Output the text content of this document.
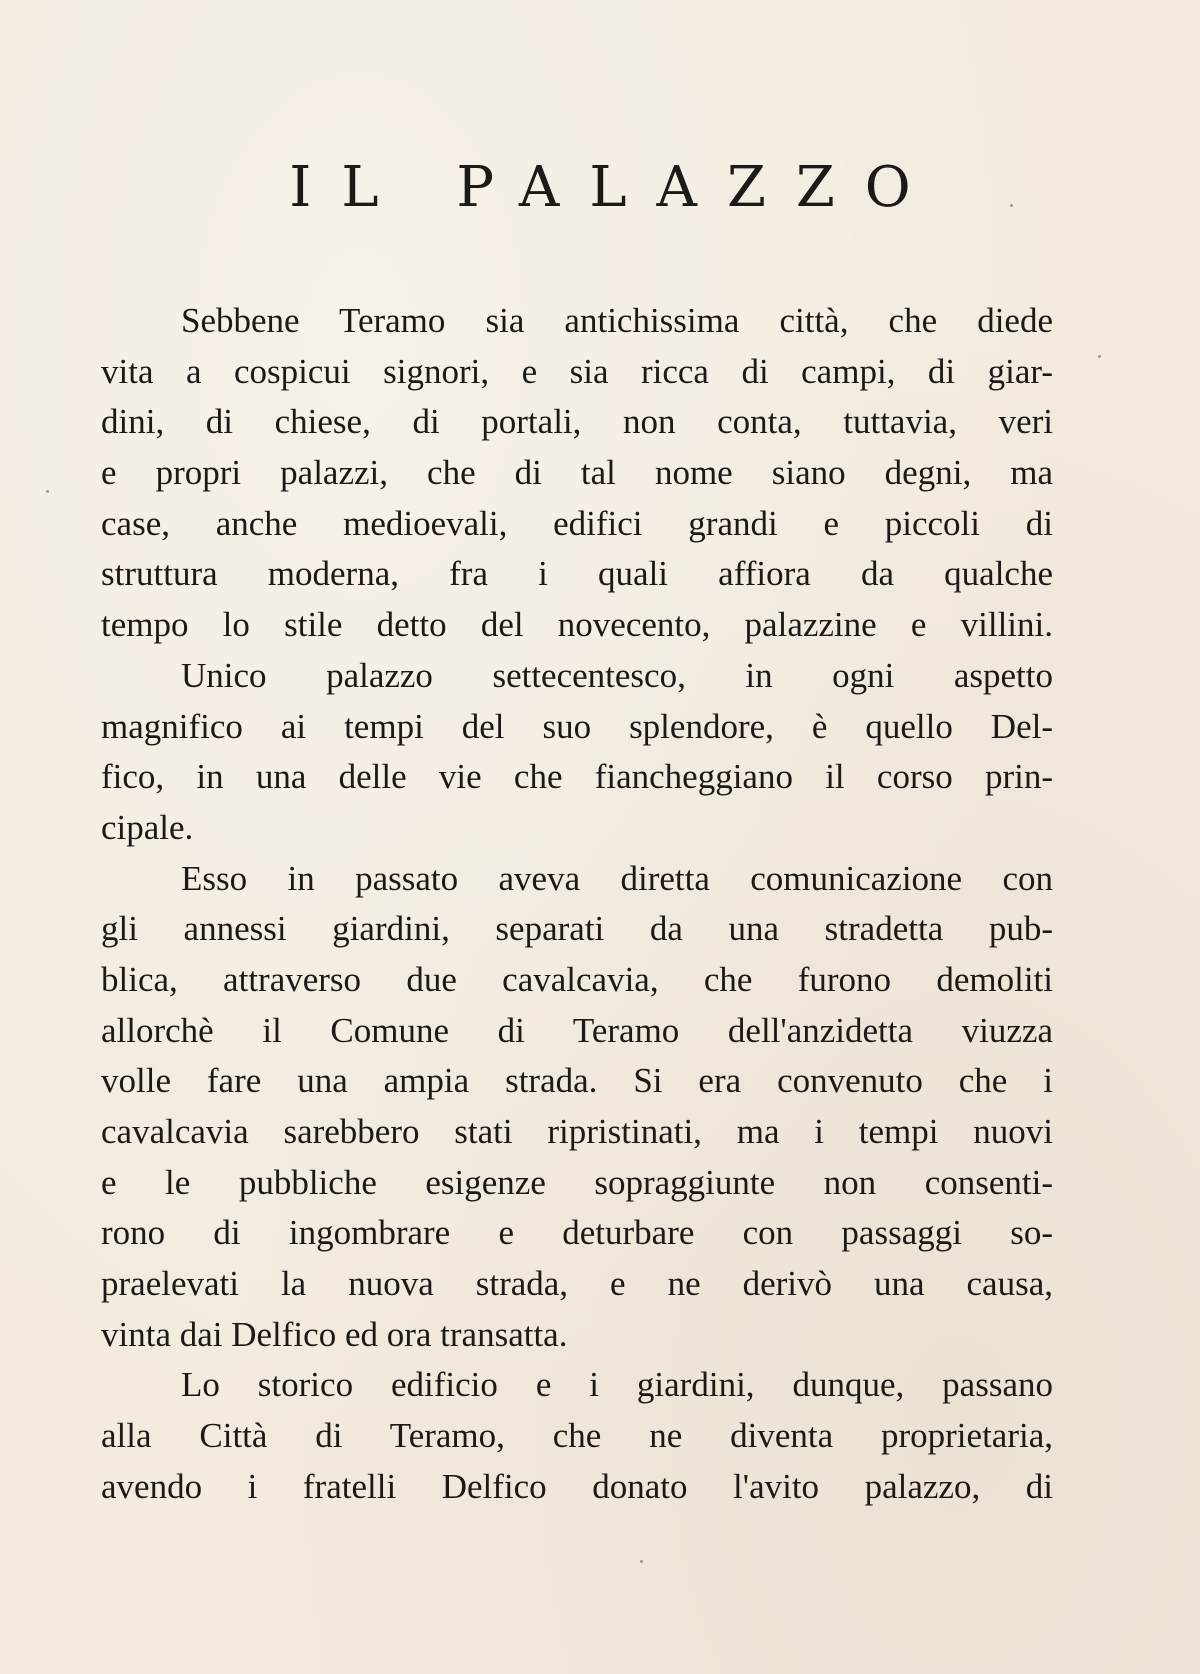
IL PALAZZO
Sebbene Teramo sia antichissima città, che diede
vita a cospicui signori, e sia ricca di campi, di giar-
dini, di chiese, di portali, non conta, tuttavia, veri
e propri palazzi, che di tal nome siano degni, ma
case, anche medioevali, edifici grandi e piccoli di
struttura moderna, fra i quali affiora da qualche
tempo lo stile detto del novecento, palazzine e villini.
Unico palazzo settecentesco, in ogni aspetto
magnifico ai tempi del suo splendore, è quello Del-
fico, in una delle vie che fiancheggiano il corso prin-
cipale.
Esso in passato aveva diretta comunicazione con
gli annessi giardini, separati da una stradetta pub-
blica, attraverso due cavalcavia, che furono demoliti
allorchè il Comune di Teramo dell'anzidetta viuzza
volle fare una ampia strada. Si era convenuto che i
cavalcavia sarebbero stati ripristinati, ma i tempi nuovi
e le pubbliche esigenze sopraggiunte non consenti-
rono di ingombrare e deturbare con passaggi so-
praelevati la nuova strada, e ne derivò una causa,
vinta dai Delfico ed ora transatta.
Lo storico edificio e i giardini, dunque, passano
alla Città di Teramo, che ne diventa proprietaria,
avendo i fratelli Delfico donato l'avito palazzo, di
